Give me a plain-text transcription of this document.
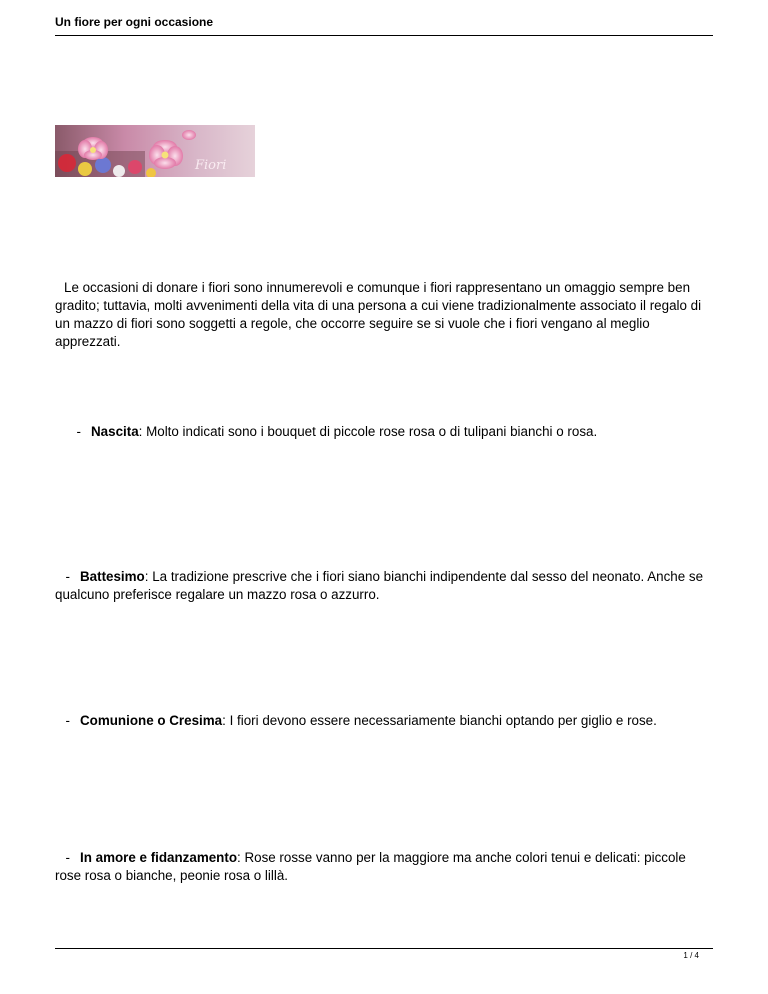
Un fiore per ogni occasione
Fiori
Le occasioni di donare i fiori sono innumerevoli e comunque i fiori rappresentano un omaggio sempre ben gradito; tuttavia, molti avvenimenti della vita di una persona a cui viene tradizionalmente associato il regalo di un mazzo di fiori sono soggetti a regole, che occorre seguire se si vuole che i fiori vengano al meglio apprezzati.
- Nascita: Molto indicati sono i bouquet di piccole rose rosa o di tulipani bianchi o rosa.
- Battesimo: La tradizione prescrive che i fiori siano bianchi indipendente dal sesso del neonato. Anche se qualcuno preferisce regalare un mazzo rosa o azzurro.
- Comunione o Cresima: I fiori devono essere necessariamente bianchi optando per giglio e rose.
- In amore e fidanzamento: Rose rosse vanno per la maggiore ma anche colori tenui e delicati: piccole rose rosa o bianche, peonie rosa o lillà.
1 / 4
